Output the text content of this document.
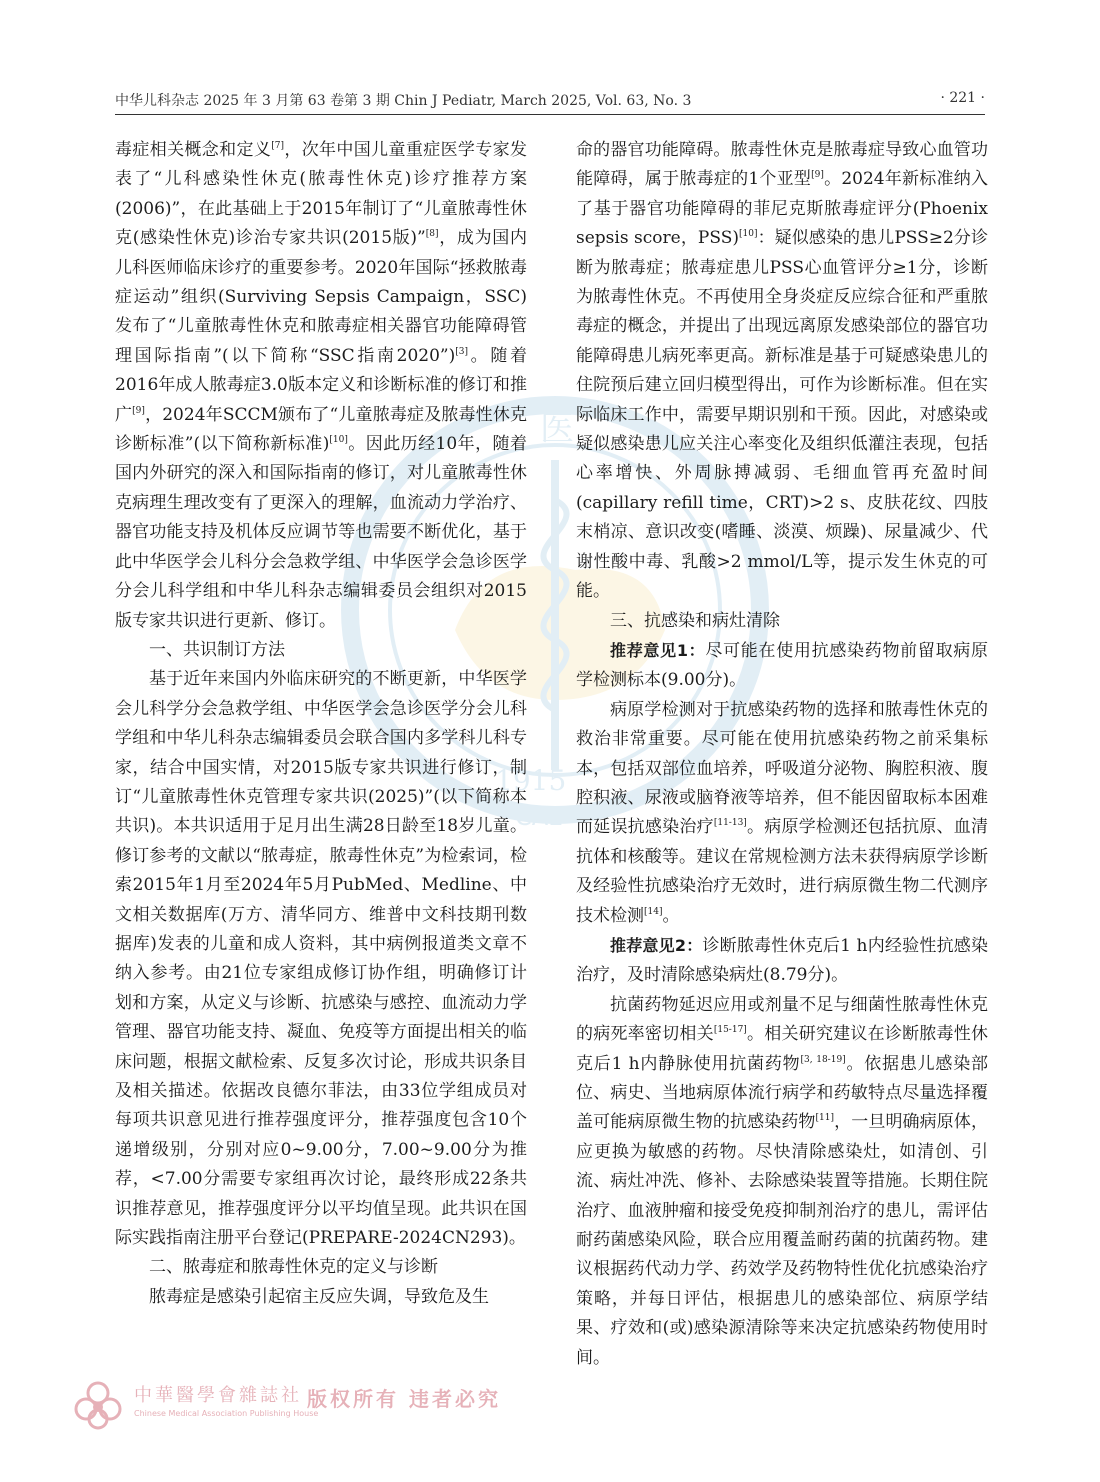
中华儿科杂志 2025 年 3 月第 63 卷第 3 期 Chin J Pediatr, March 2025, Vol. 63, No. 3	· 221 ·
医
1915
CAL

毒症相关概念和定义[7]，次年中国儿童重症医学专家发表了“儿科感染性休克(脓毒性休克)诊疗推荐方案(2006)”，在此基础上于2015年制订了“儿童脓毒性休克(感染性休克)诊治专家共识(2015版)”[8]，成为国内儿科医师临床诊疗的重要参考。2020年国际“拯救脓毒症运动”组织(Surviving Sepsis Campaign，SSC)发布了“儿童脓毒性休克和脓毒症相关器官功能障碍管理国际指南”(以下简称“SSC指南2020”)[3]。随着2016年成人脓毒症3.0版本定义和诊断标准的修订和推广[9]，2024年SCCM颁布了“儿童脓毒症及脓毒性休克诊断标准”(以下简称新标准)[10]。因此历经10年，随着国内外研究的深入和国际指南的修订，对儿童脓毒性休克病理生理改变有了更深入的理解，血流动力学治疗、器官功能支持及机体反应调节等也需要不断优化，基于此中华医学会儿科分会急救学组、中华医学会急诊医学分会儿科学组和中华儿科杂志编辑委员会组织对2015版专家共识进行更新、修订。

一、共识制订方法

基于近年来国内外临床研究的不断更新，中华医学会儿科学分会急救学组、中华医学会急诊医学分会儿科学组和中华儿科杂志编辑委员会联合国内多学科儿科专家，结合中国实情，对2015版专家共识进行修订，制订“儿童脓毒性休克管理专家共识(2025)”(以下简称本共识)。本共识适用于足月出生满28日龄至18岁儿童。修订参考的文献以“脓毒症，脓毒性休克”为检索词，检索2015年1月至2024年5月PubMed、Medline、中文相关数据库(万方、清华同方、维普中文科技期刊数据库)发表的儿童和成人资料，其中病例报道类文章不纳入参考。由21位专家组成修订协作组，明确修订计划和方案，从定义与诊断、抗感染与感控、血流动力学管理、器官功能支持、凝血、免疫等方面提出相关的临床问题，根据文献检索、反复多次讨论，形成共识条目及相关描述。依据改良德尔菲法，由33位学组成员对每项共识意见进行推荐强度评分，推荐强度包含10个递增级别，分别对应0~9.00分，7.00~9.00分为推荐，<7.00分需要专家组再次讨论，最终形成22条共识推荐意见，推荐强度评分以平均值呈现。此共识在国际实践指南注册平台登记(PREPARE-2024CN293)。

二、脓毒症和脓毒性休克的定义与诊断

脓毒症是感染引起宿主反应失调，导致危及生

命的器官功能障碍。脓毒性休克是脓毒症导致心血管功能障碍，属于脓毒症的1个亚型[9]。2024年新标准纳入了基于器官功能障碍的菲尼克斯脓毒症评分(Phoenix sepsis score，PSS)[10]：疑似感染的患儿PSS≥2分诊断为脓毒症；脓毒症患儿PSS心血管评分≥1分，诊断为脓毒性休克。不再使用全身炎症反应综合征和严重脓毒症的概念，并提出了出现远离原发感染部位的器官功能障碍患儿病死率更高。新标准是基于可疑感染患儿的住院预后建立回归模型得出，可作为诊断标准。但在实际临床工作中，需要早期识别和干预。因此，对感染或疑似感染患儿应关注心率变化及组织低灌注表现，包括心率增快、外周脉搏减弱、毛细血管再充盈时间(capillary refill time，CRT)>2 s、皮肤花纹、四肢末梢凉、意识改变(嗜睡、淡漠、烦躁)、尿量减少、代谢性酸中毒、乳酸>2 mmol/L等，提示发生休克的可能。

三、抗感染和病灶清除

推荐意见1：尽可能在使用抗感染药物前留取病原学检测标本(9.00分)。

病原学检测对于抗感染药物的选择和脓毒性休克的救治非常重要。尽可能在使用抗感染药物之前采集标本，包括双部位血培养，呼吸道分泌物、胸腔积液、腹腔积液、尿液或脑脊液等培养，但不能因留取标本困难而延误抗感染治疗[11-13]。病原学检测还包括抗原、血清抗体和核酸等。建议在常规检测方法未获得病原学诊断及经验性抗感染治疗无效时，进行病原微生物二代测序技术检测[14]。

推荐意见2：诊断脓毒性休克后1 h内经验性抗感染治疗，及时清除感染病灶(8.79分)。

抗菌药物延迟应用或剂量不足与细菌性脓毒性休克的病死率密切相关[15-17]。相关研究建议在诊断脓毒性休克后1 h内静脉使用抗菌药物[3, 18-19]。依据患儿感染部位、病史、当地病原体流行病学和药敏特点尽量选择覆盖可能病原微生物的抗感染药物[11]，一旦明确病原体，应更换为敏感的药物。尽快清除感染灶，如清创、引流、病灶冲洗、修补、去除感染装置等措施。长期住院治疗、血液肿瘤和接受免疫抑制剂治疗的患儿，需评估耐药菌感染风险，联合应用覆盖耐药菌的抗菌药物。建议根据药代动力学、药效学及药物特性优化抗感染治疗策略，并每日评估，根据患儿的感染部位、病原学结果、疗效和(或)感染源清除等来决定抗感染药物使用时间。

中華醫學會雜誌社
Chinese Medical Association Publishing House
版权所有 违者必究
